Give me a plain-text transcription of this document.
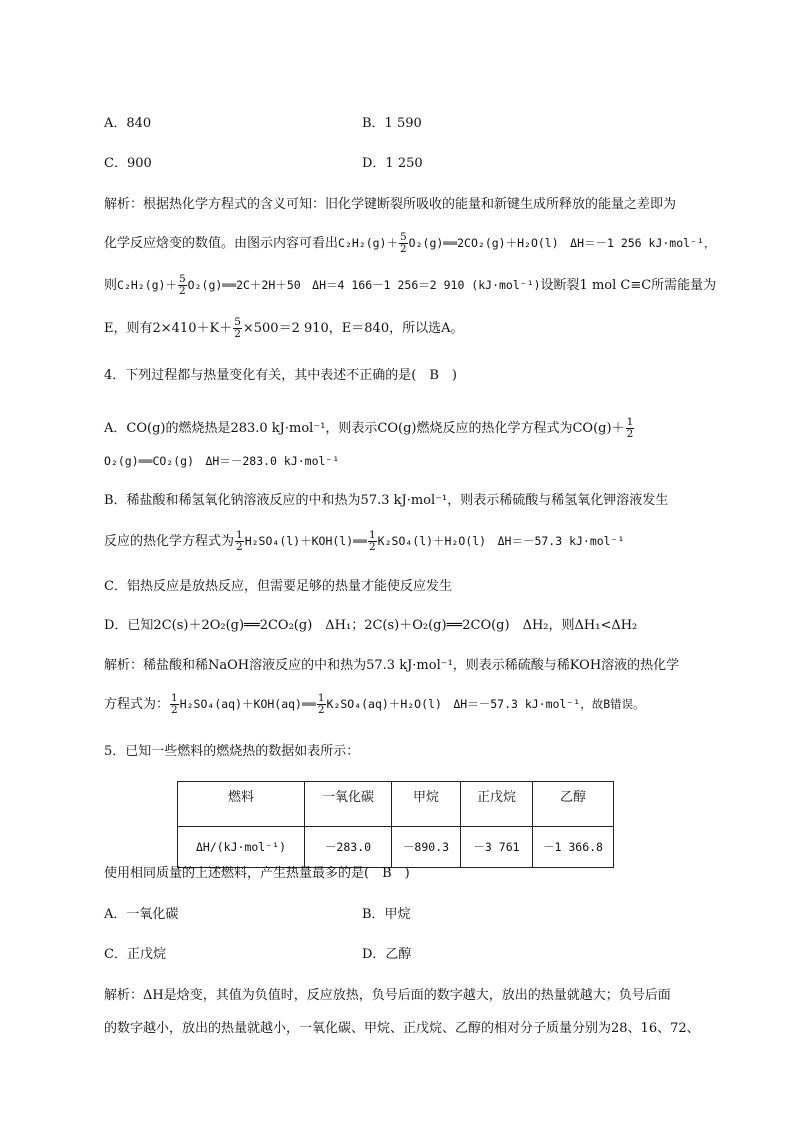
A．840	B．1 590
C．900	D．1 250
解析：根据热化学方程式的含义可知：旧化学键断裂所吸收的能量和新键生成所释放的能量之差即为
化学反应焓变的数值。由图示内容可看出$C_2H_2(g)+ \frac{5}{2}$ O₂(g)══2CO₂(g)＋H₂O(l)　ΔH＝－1 256 kJ·mol⁻¹，
则$C_2H_2(g)+ \frac{5}{2}$ O₂(g)══2C＋2H＋50　ΔH＝4 166－1 256＝2 910 (kJ·mol⁻¹)设断裂1 mol C≡C所需能量为
E，则有$2\times 410+K+ \frac{5}{2} \times 500=2$ 910，E＝840，所以选A。
4．下列过程都与热量变化有关，其中表述不正确的是(　B　)
A．CO(g)的燃烧热是283.0 kJ·mol⁻¹，则表示CO(g)燃烧反应的热化学方程式为$CO(g)+ \frac{1}{2}$
O₂(g)══CO₂(g)　ΔH＝－283.0 kJ·mol⁻¹
B．稀盐酸和稀氢氧化钠溶液反应的中和热为57.3 kJ·mol⁻¹，则表示稀硫酸与稀氢氧化钾溶液发生
反应的热化学方程式为 $\frac{1}{2}$ H₂SO₄(l)＋KOH(l)══ $\frac{1}{2} K_2SO_4(l)+H_2O(l)$　ΔH＝－57.3 kJ·mol⁻¹
C．铝热反应是放热反应，但需要足够的热量才能使反应发生
D．已知2C(s)＋2O₂(g)══2CO₂(g)　ΔH₁；2C(s)＋O₂(g)══2CO(g)　ΔH₂，则ΔH₁<ΔH₂
解析：稀盐酸和稀NaOH溶液反应的中和热为57.3 kJ·mol⁻¹，则表示稀硫酸与稀KOH溶液的热化学
方程式为： $\frac{1}{2}$ H₂SO₄(aq)＋KOH(aq)══ $\frac{1}{2} K_2SO_4(aq)+H_2O(l)$　ΔH＝－57.3 kJ·mol⁻¹，故B错误。
5．已知一些燃料的燃烧热的数据如表所示：
燃料	一氧化碳	甲烷	正戊烷	乙醇
ΔH/(kJ·mol⁻¹)	－283.0	－890.3	－3 761	－1 366.8
使用相同质量的上述燃料，产生热量最多的是(　B　)
A．一氧化碳	B．甲烷
C．正戊烷	D．乙醇
解析：ΔH是焓变，其值为负值时，反应放热，负号后面的数字越大，放出的热量就越大；负号后面
的数字越小，放出的热量就越小，一氧化碳、甲烷、正戊烷、乙醇的相对分子质量分别为28、16、72、
